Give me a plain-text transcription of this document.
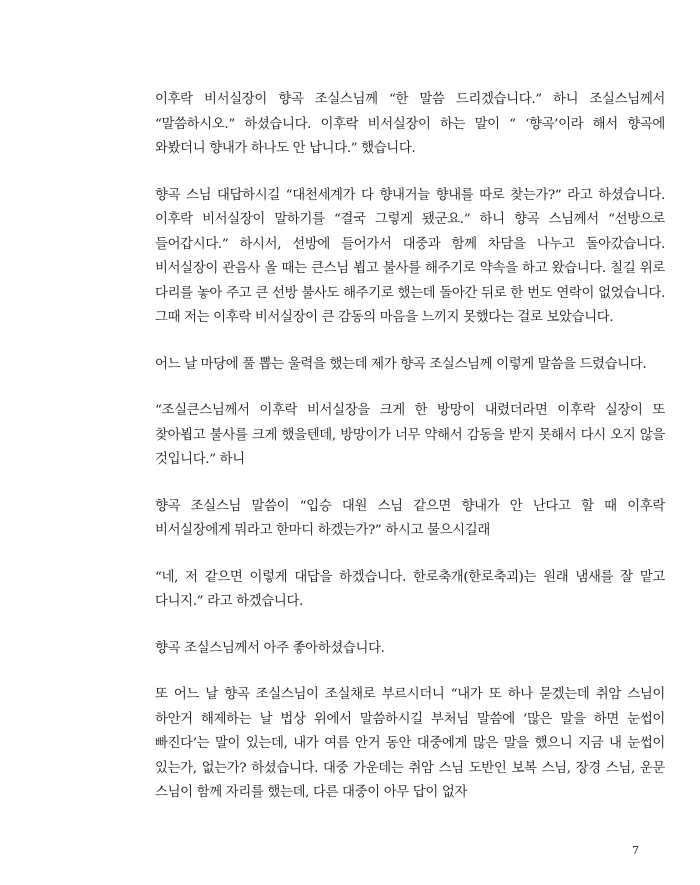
이후락 비서실장이 향곡 조실스님께 “한 말씀 드리겠습니다.” 하니 조실스님께서 “말씀하시오.” 하셨습니다. 이후락 비서실장이 하는 말이 “ ‘향곡’이라 해서 향곡에 와봤더니 향내가 하나도 안 납니다.” 했습니다.

향곡 스님 대답하시길 “대천세계가 다 향내거늘 향내를 따로 찾는가?” 라고 하셨습니다. 이후락 비서실장이 말하기를 “결국 그렇게 됐군요.” 하니 향곡 스님께서 “선방으로 들어갑시다.” 하시서, 선방에 들어가서 대중과 함께 차담을 나누고 돌아갔습니다. 비서실장이 관음사 올 때는 큰스님 뵙고 불사를 해주기로 약속을 하고 왔습니다. 칠길 위로 다리를 놓아 주고 큰 선방 불사도 해주기로 했는데 돌아간 뒤로 한 번도 연락이 없었습니다. 그때 저는 이후락 비서실장이 큰 감동의 마음을 느끼지 못했다는 걸로 보았습니다.

어느 날 마당에 풀 뽑는 울력을 했는데 제가 향곡 조실스님께 이렇게 말씀을 드렸습니다.

“조실큰스님께서 이후락 비서실장을 크게 한 방망이 내렸더라면 이후락 실장이 또 찾아뵙고 불사를 크게 했을텐데, 방망이가 너무 약해서 감동을 받지 못해서 다시 오지 않을 것입니다.” 하니

향곡 조실스님 말씀이 “입승 대원 스님 같으면 향내가 안 난다고 할 때 이후락 비서실장에게 뭐라고 한마디 하겠는가?” 하시고 물으시길래

“네, 저 같으면 이렇게 대답을 하겠습니다. 한로축개(한로축괴)는 원래 냄새를 잘 맡고 다니지.” 라고 하겠습니다.

향곡 조실스님께서 아주 좋아하셨습니다.

또 어느 날 향곡 조실스님이 조실채로 부르시더니 “내가 또 하나 묻겠는데 취암 스님이 하안거 해제하는 날 법상 위에서 말씀하시길 부처님 말씀에 ‘많은 말을 하면 눈썹이 빠진다’는 말이 있는데, 내가 여름 안거 동안 대중에게 많은 말을 했으니 지금 내 눈썹이 있는가, 없는가? 하셨습니다. 대중 가운데는 취암 스님 도반인 보복 스님, 장경 스님, 운문 스님이 함께 자리를 했는데, 다른 대중이 아무 답이 없자

7
